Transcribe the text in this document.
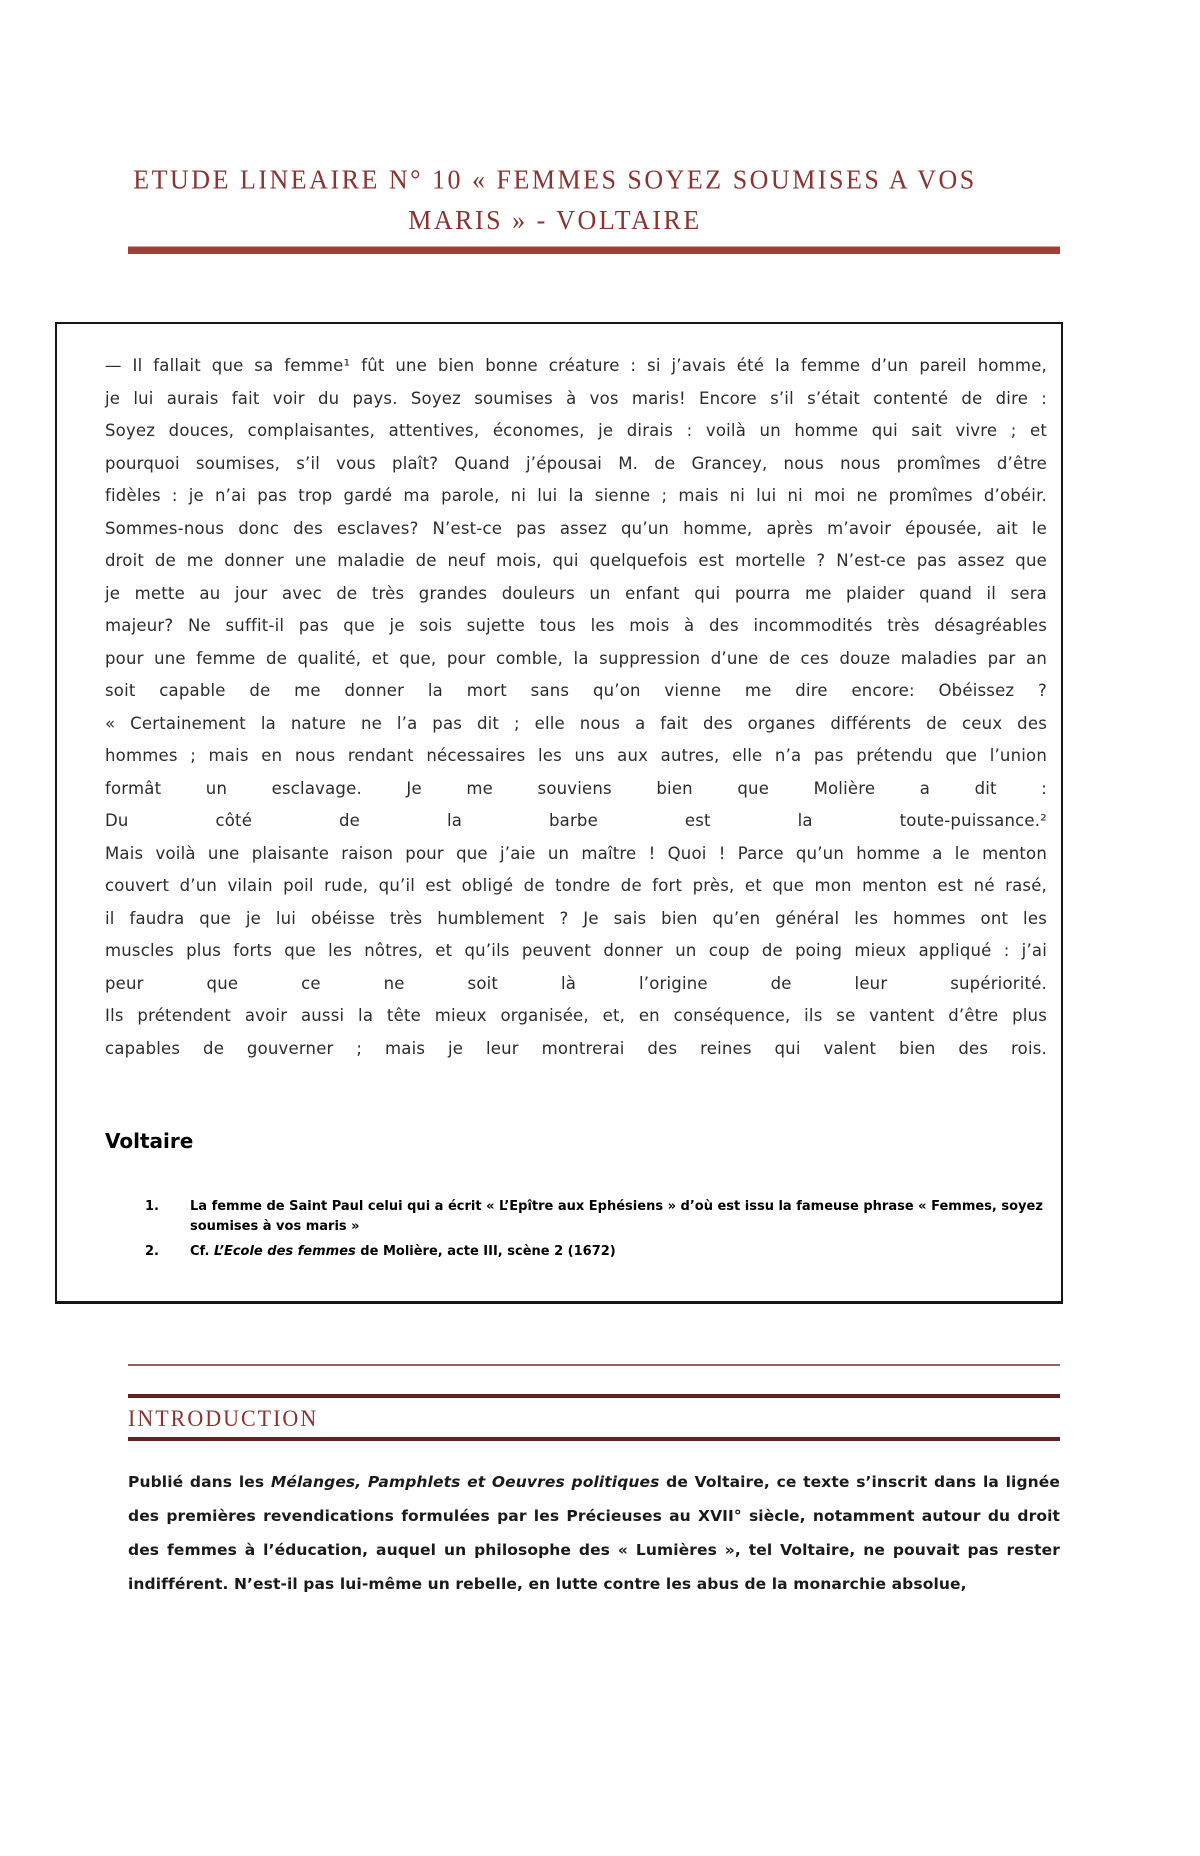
ETUDE LINEAIRE N° 10 « FEMMES SOYEZ SOUMISES A VOS MARIS » - VOLTAIRE
— Il fallait que sa femme¹ fût une bien bonne créature : si j’avais été la femme d’un pareil homme,
je lui aurais fait voir du pays. Soyez soumises à vos maris! Encore s’il s’était contenté de dire :
Soyez douces, complaisantes, attentives, économes, je dirais : voilà un homme qui sait vivre ; et
pourquoi soumises, s’il vous plaît? Quand j’épousai M. de Grancey, nous nous promîmes d’être
fidèles : je n’ai pas trop gardé ma parole, ni lui la sienne ; mais ni lui ni moi ne promîmes d’obéir.
Sommes-nous donc des esclaves? N’est-ce pas assez qu’un homme, après m’avoir épousée, ait le
droit de me donner une maladie de neuf mois, qui quelquefois est mortelle ? N’est-ce pas assez que
je mette au jour avec de très grandes douleurs un enfant qui pourra me plaider quand il sera
majeur? Ne suffit-il pas que je sois sujette tous les mois à des incommodités très désagréables
pour une femme de qualité, et que, pour comble, la suppression d’une de ces douze maladies par an
soit capable de me donner la mort sans qu’on vienne me dire encore: Obéissez ?
« Certainement la nature ne l’a pas dit ; elle nous a fait des organes différents de ceux des
hommes ; mais en nous rendant nécessaires les uns aux autres, elle n’a pas prétendu que l’union
formât un esclavage. Je me souviens bien que Molière a dit :
Du côté de la barbe est la toute-puissance.²
Mais voilà une plaisante raison pour que j’aie un maître ! Quoi ! Parce qu’un homme a le menton
couvert d’un vilain poil rude, qu’il est obligé de tondre de fort près, et que mon menton est né rasé,
il faudra que je lui obéisse très humblement ? Je sais bien qu’en général les hommes ont les
muscles plus forts que les nôtres, et qu’ils peuvent donner un coup de poing mieux appliqué : j’ai
peur que ce ne soit là l’origine de leur supériorité.
Ils prétendent avoir aussi la tête mieux organisée, et, en conséquence, ils se vantent d’être plus
capables de gouverner ; mais je leur montrerai des reines qui valent bien des rois.
Voltaire
1.	La femme de Saint Paul celui qui a écrit « L’Epître aux Ephésiens » d’où est issu la fameuse phrase « Femmes, soyez soumises à vos maris »
2.	Cf. L’Ecole des femmes de Molière, acte III, scène 2 (1672)
INTRODUCTION
Publié dans les Mélanges, Pamphlets et Oeuvres politiques de Voltaire, ce texte s’inscrit dans la lignée des premières revendications formulées par les Précieuses au XVII° siècle, notamment autour du droit des femmes à l’éducation, auquel un philosophe des « Lumières », tel Voltaire, ne pouvait pas rester indifférent. N’est-il pas lui-même un rebelle, en lutte contre les abus de la monarchie absolue,
